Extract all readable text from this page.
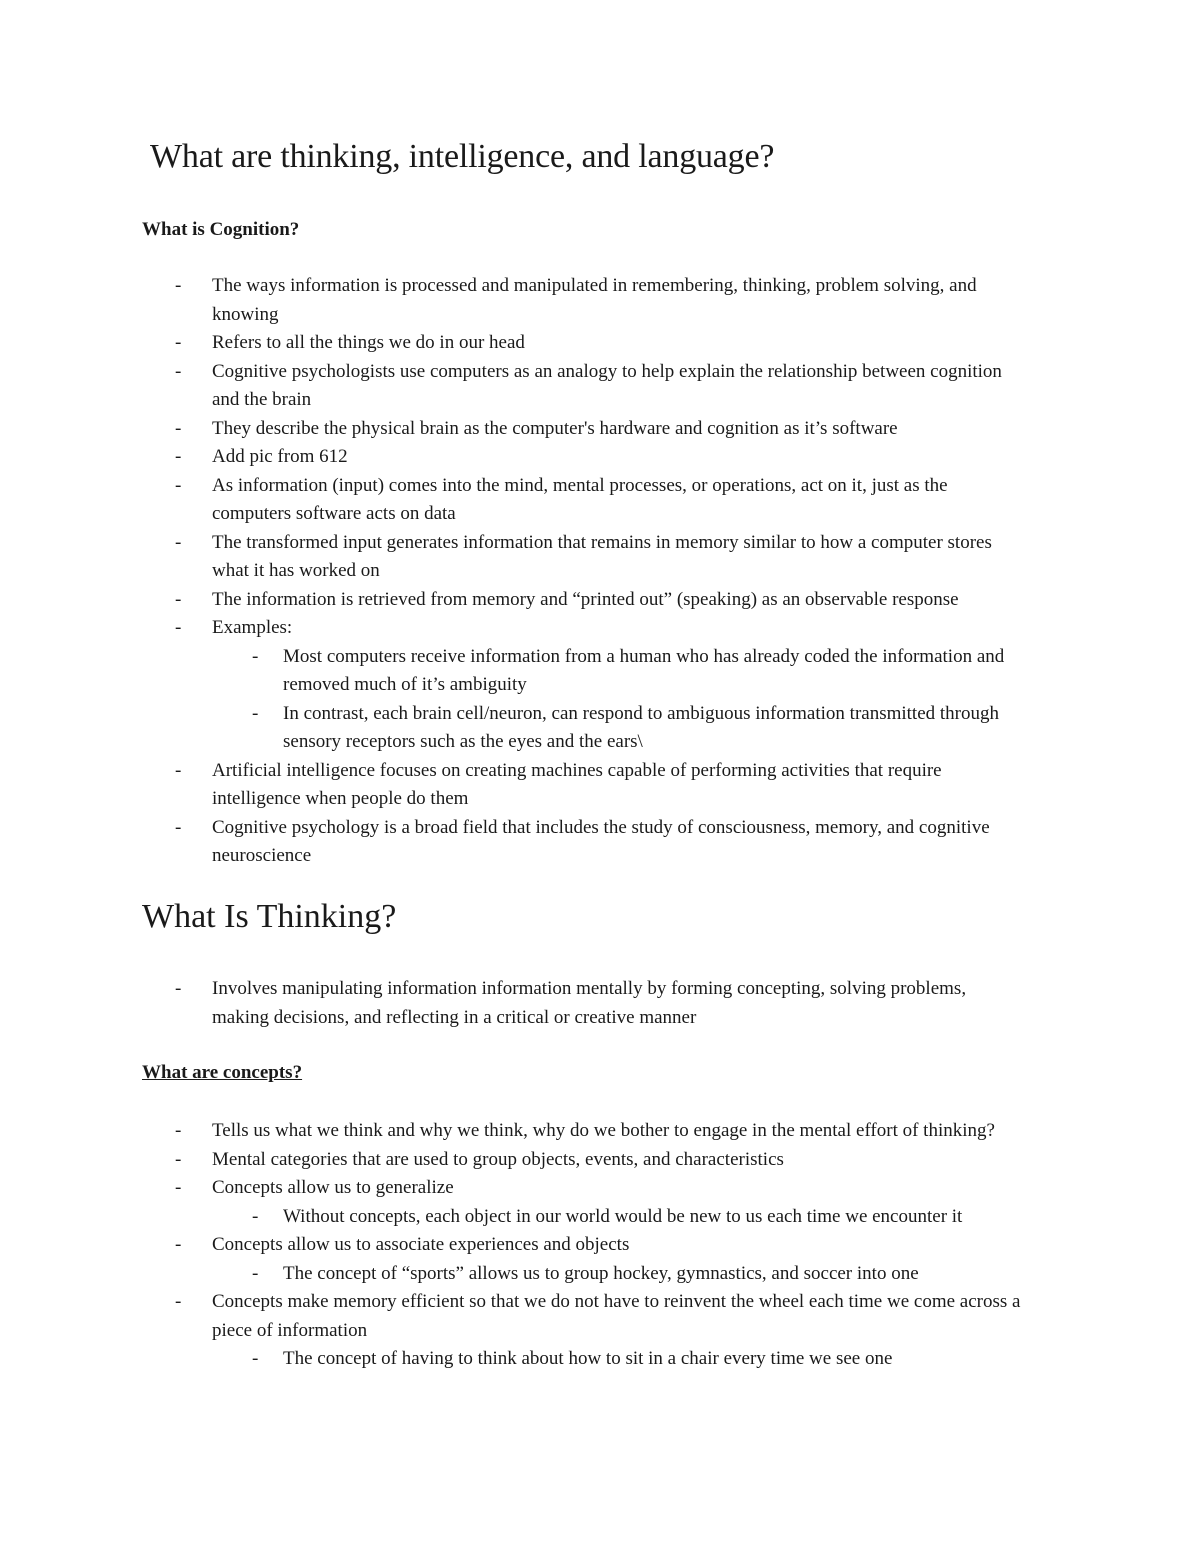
What are thinking, intelligence, and language?
What is Cognition?
- The ways information is processed and manipulated in remembering, thinking, problem solving, and knowing
- Refers to all the things we do in our head
- Cognitive psychologists use computers as an analogy to help explain the relationship between cognition and the brain
- They describe the physical brain as the computer's hardware and cognition as it’s software
- Add pic from 612
- As information (input) comes into the mind, mental processes, or operations, act on it, just as the computers software acts on data
- The transformed input generates information that remains in memory similar to how a computer stores what it has worked on
- The information is retrieved from memory and “printed out” (speaking) as an observable response
- Examples:
- Most computers receive information from a human who has already coded the information and removed much of it’s ambiguity
- In contrast, each brain cell/neuron, can respond to ambiguous information transmitted through sensory receptors such as the eyes and the ears\
- Artificial intelligence focuses on creating machines capable of performing activities that require intelligence when people do them
- Cognitive psychology is a broad field that includes the study of consciousness, memory, and cognitive neuroscience
What Is Thinking?
- Involves manipulating information information mentally by forming concepting, solving problems, making decisions, and reflecting in a critical or creative manner
What are concepts?
- Tells us what we think and why we think, why do we bother to engage in the mental effort of thinking?
- Mental categories that are used to group objects, events, and characteristics
- Concepts allow us to generalize
- Without concepts, each object in our world would be new to us each time we encounter it
- Concepts allow us to associate experiences and objects
- The concept of “sports” allows us to group hockey, gymnastics, and soccer into one
- Concepts make memory efficient so that we do not have to reinvent the wheel each time we come across a piece of information
- The concept of having to think about how to sit in a chair every time we see one
